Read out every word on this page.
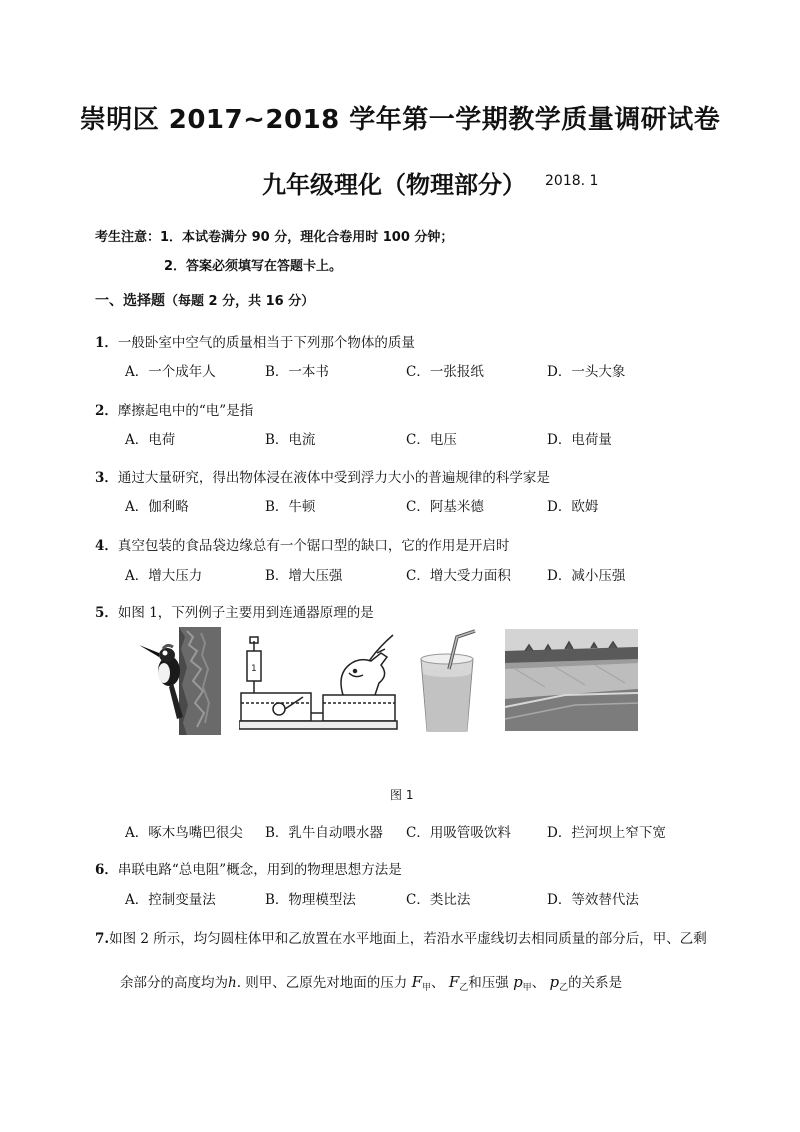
崇明区 2017~2018 学年第一学期教学质量调研试卷
九年级理化（物理部分） 2018. 1
考生注意：1．本试卷满分 90 分，理化合卷用时 100 分钟；
2．答案必须填写在答题卡上。
一、选择题（每题 2 分，共 16 分）
1．一般卧室中空气的质量相当于下列那个物体的质量
A．一个成年人	B．一本书	C．一张报纸	D．一头大象
2．摩擦起电中的“电”是指
A．电荷	B．电流	C．电压	D．电荷量
3．通过大量研究，得出物体浸在液体中受到浮力大小的普遍规律的科学家是
A．伽利略	B．牛顿	C．阿基米德	D．欧姆
4．真空包装的食品袋边缘总有一个锯口型的缺口，它的作用是开启时
A．增大压力	B．增大压强	C．增大受力面积	D．减小压强
5．如图 1，下列例子主要用到连通器原理的是
1
图 1
A．啄木鸟嘴巴很尖 B．乳牛自动喂水器 C．用吸管吸饮料	D．拦河坝上窄下宽
6．串联电路“总电阻”概念，用到的物理思想方法是
A．控制变量法	B．物理模型法	C．类比法	D．等效替代法
7.如图 2 所示，均匀圆柱体甲和乙放置在水平地面上，若沿水平虚线切去相同质量的部分后，甲、乙剩
余部分的高度均为h. 则甲、乙原先对地面的压力 $F_甲$、 $F_乙$和压强 $p_甲$、 $p_乙$的关系是
